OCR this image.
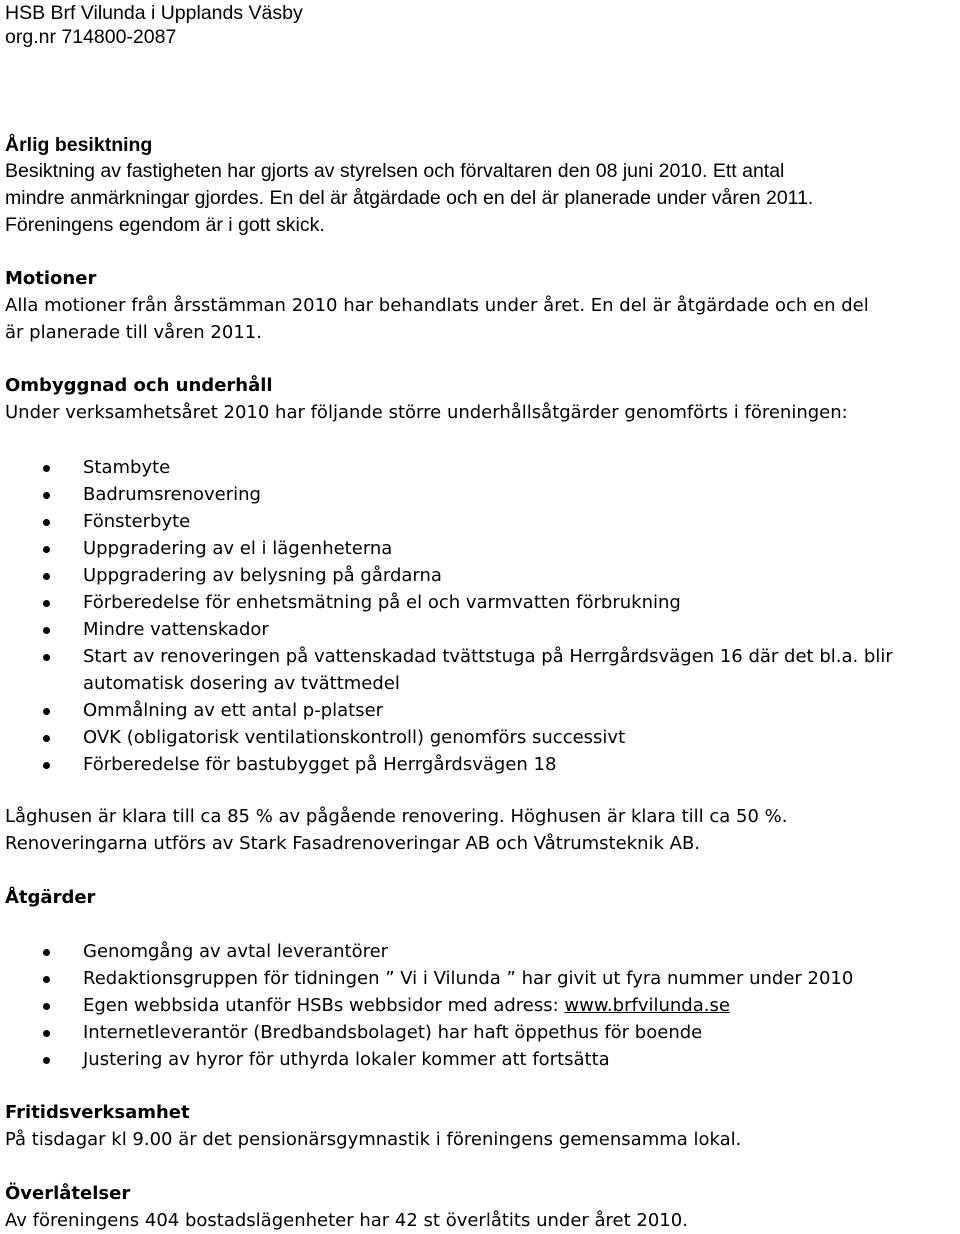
HSB Brf Vilunda i Upplands Väsby
org.nr 714800-2087
Årlig besiktning
Besiktning av fastigheten har gjorts av styrelsen och förvaltaren den 08 juni 2010. Ett antal
mindre anmärkningar gjordes. En del är åtgärdade och en del är planerade under våren 2011.
Föreningens egendom är i gott skick.
Motioner
Alla motioner från årsstämman 2010 har behandlats under året. En del är åtgärdade och en del
är planerade till våren 2011.
Ombyggnad och underhåll
Under verksamhetsåret 2010 har följande större underhållsåtgärder genomförts i föreningen:
Stambyte
Badrumsrenovering
Fönsterbyte
Uppgradering av el i lägenheterna
Uppgradering av belysning på gårdarna
Förberedelse för enhetsmätning på el och varmvatten förbrukning
Mindre vattenskador
Start av renoveringen på vattenskadad tvättstuga på Herrgårdsvägen 16 där det bl.a. blir
automatisk dosering av tvättmedel
Ommålning av ett antal p-platser
OVK (obligatorisk ventilationskontroll) genomförs successivt
Förberedelse för bastubygget på Herrgårdsvägen 18
Låghusen är klara till ca 85 % av pågående renovering. Höghusen är klara till ca 50 %.
Renoveringarna utförs av Stark Fasadrenoveringar AB och Våtrumsteknik AB.
Åtgärder
Genomgång av avtal leverantörer
Redaktionsgruppen för tidningen ” Vi i Vilunda ” har givit ut fyra nummer under 2010
Egen webbsida utanför HSBs webbsidor med adress: www.brfvilunda.se
Internetleverantör (Bredbandsbolaget) har haft öppethus för boende
Justering av hyror för uthyrda lokaler kommer att fortsätta
Fritidsverksamhet
På tisdagar kl 9.00 är det pensionärsgymnastik i föreningens gemensamma lokal.
Överlåtelser
Av föreningens 404 bostadslägenheter har 42 st överlåtits under året 2010.
